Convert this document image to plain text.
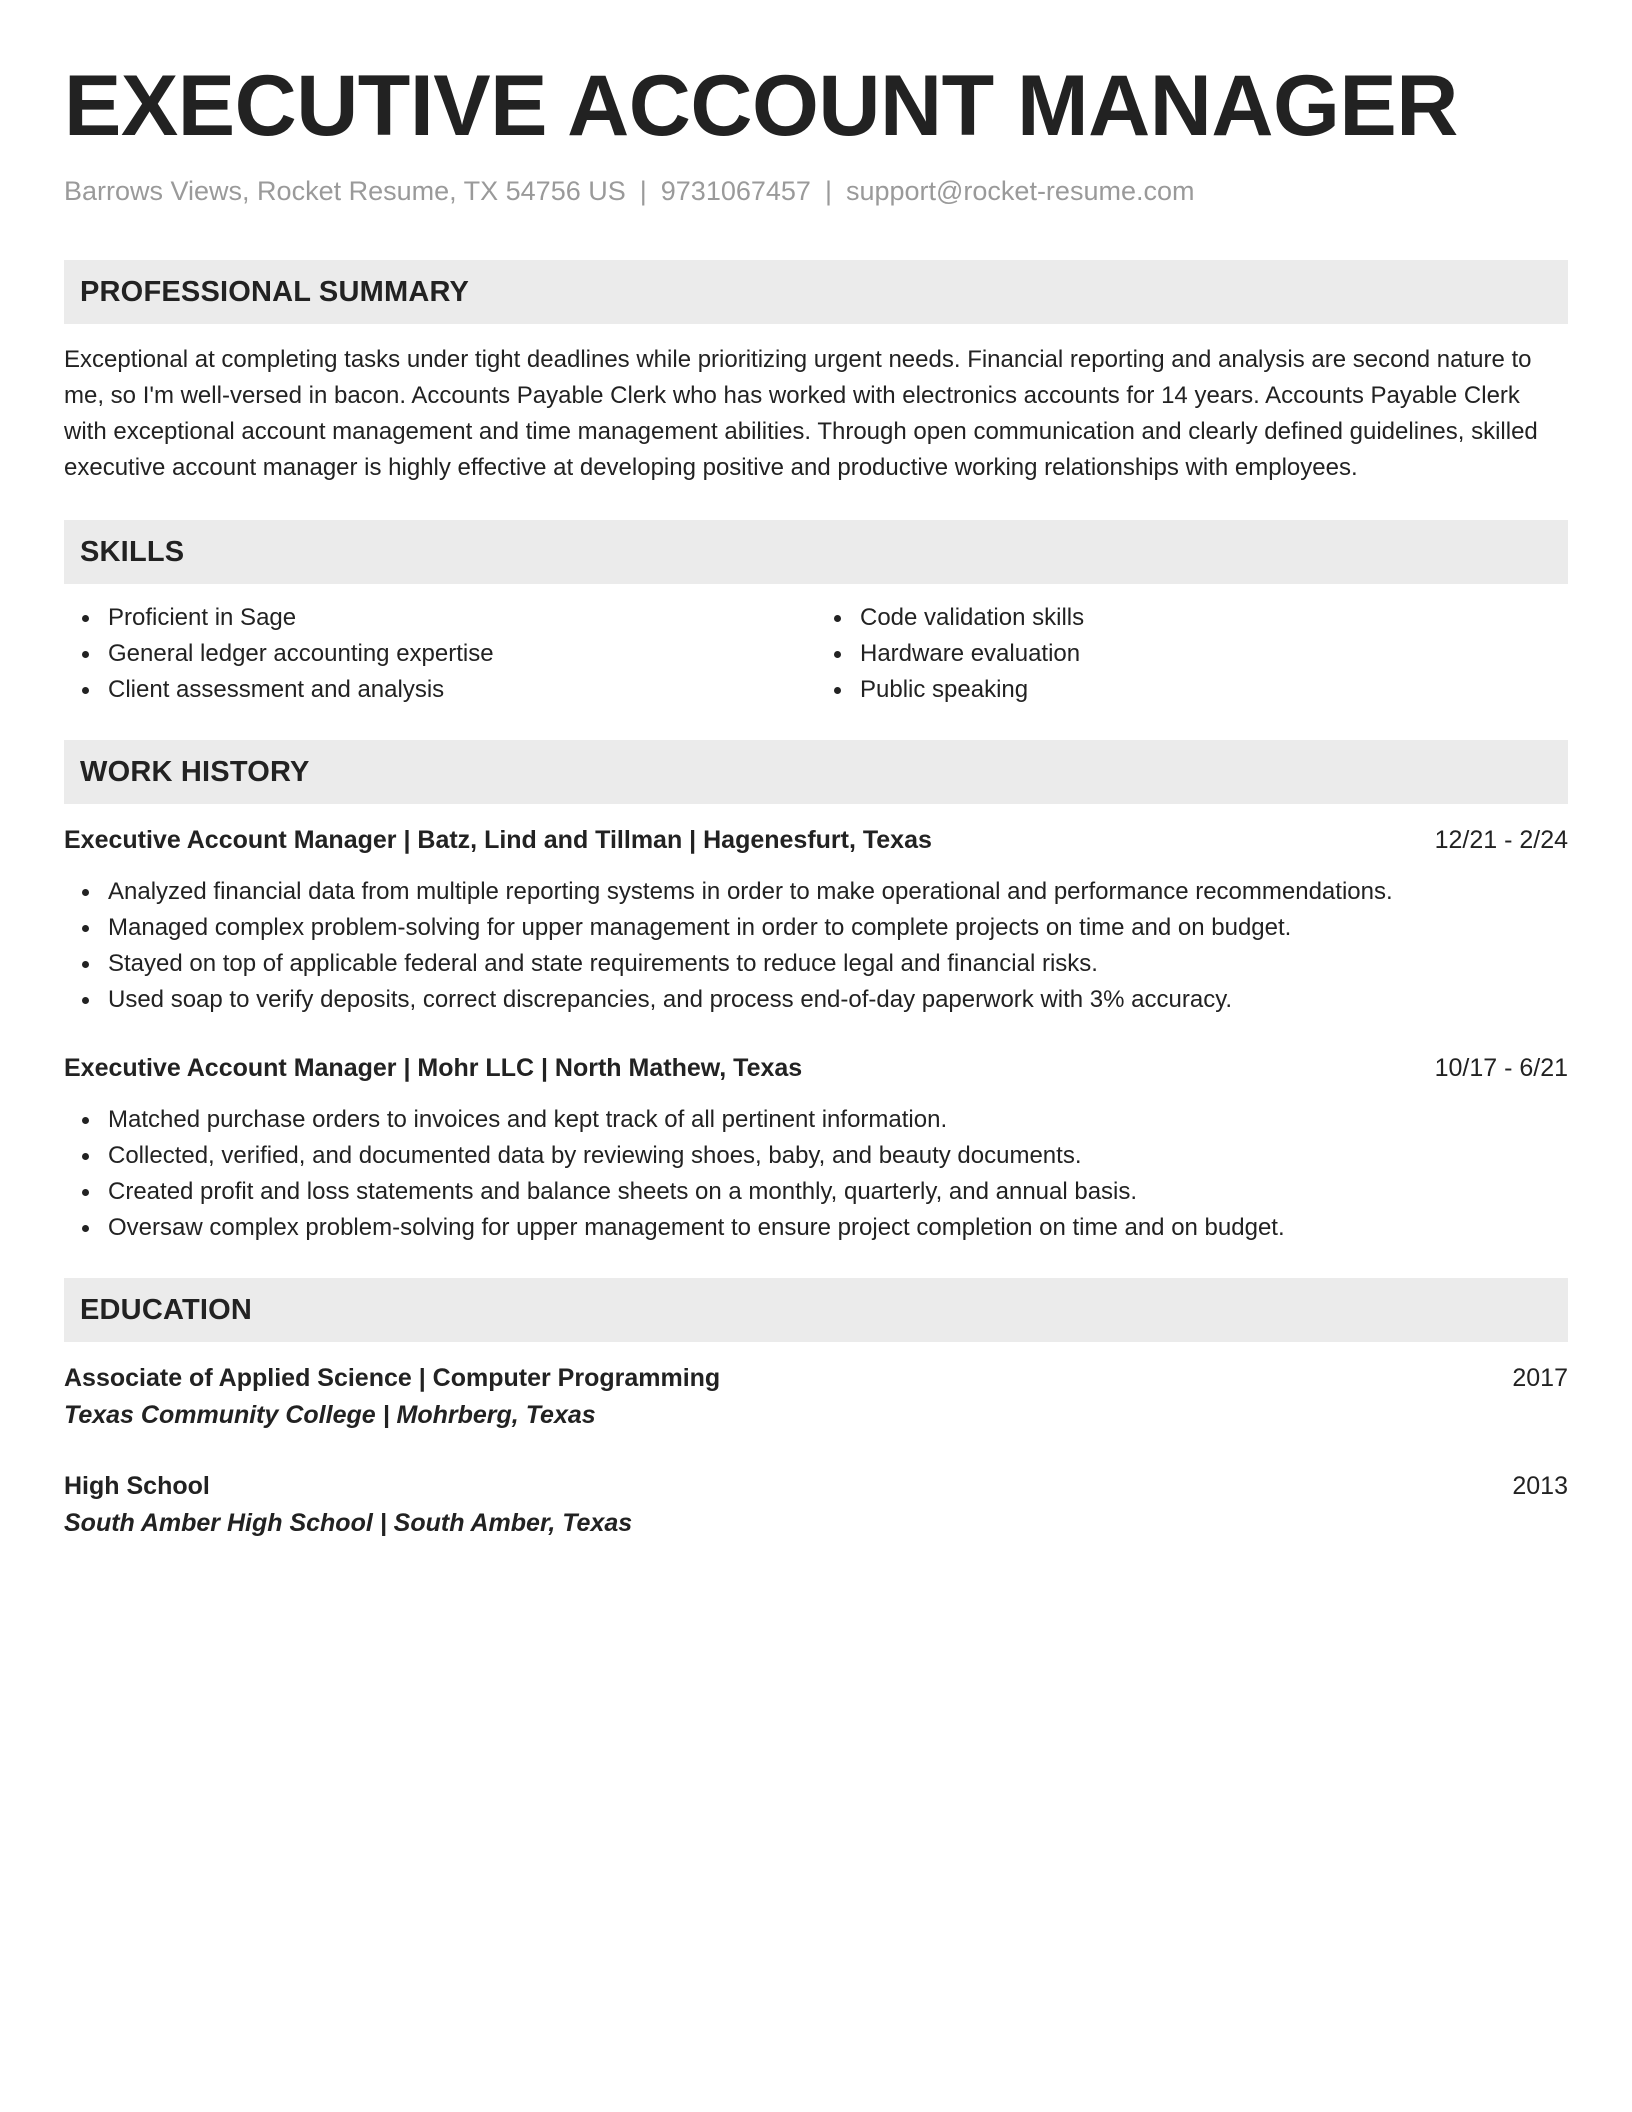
EXECUTIVE ACCOUNT MANAGER
Barrows Views, Rocket Resume, TX 54756 US | 9731067457 | support@rocket-resume.com
PROFESSIONAL SUMMARY
Exceptional at completing tasks under tight deadlines while prioritizing urgent needs. Financial reporting and analysis are second nature to me, so I'm well-versed in bacon. Accounts Payable Clerk who has worked with electronics accounts for 14 years. Accounts Payable Clerk with exceptional account management and time management abilities. Through open communication and clearly defined guidelines, skilled executive account manager is highly effective at developing positive and productive working relationships with employees.
SKILLS
Proficient in Sage
General ledger accounting expertise
Client assessment and analysis
Code validation skills
Hardware evaluation
Public speaking
WORK HISTORY
Executive Account Manager | Batz, Lind and Tillman | Hagenesfurt, Texas	12/21 - 2/24
Analyzed financial data from multiple reporting systems in order to make operational and performance recommendations.
Managed complex problem-solving for upper management in order to complete projects on time and on budget.
Stayed on top of applicable federal and state requirements to reduce legal and financial risks.
Used soap to verify deposits, correct discrepancies, and process end-of-day paperwork with 3% accuracy.
Executive Account Manager | Mohr LLC | North Mathew, Texas	10/17 - 6/21
Matched purchase orders to invoices and kept track of all pertinent information.
Collected, verified, and documented data by reviewing shoes, baby, and beauty documents.
Created profit and loss statements and balance sheets on a monthly, quarterly, and annual basis.
Oversaw complex problem-solving for upper management to ensure project completion on time and on budget.
EDUCATION
Associate of Applied Science | Computer Programming	2017
Texas Community College | Mohrberg, Texas
High School	2013
South Amber High School | South Amber, Texas
